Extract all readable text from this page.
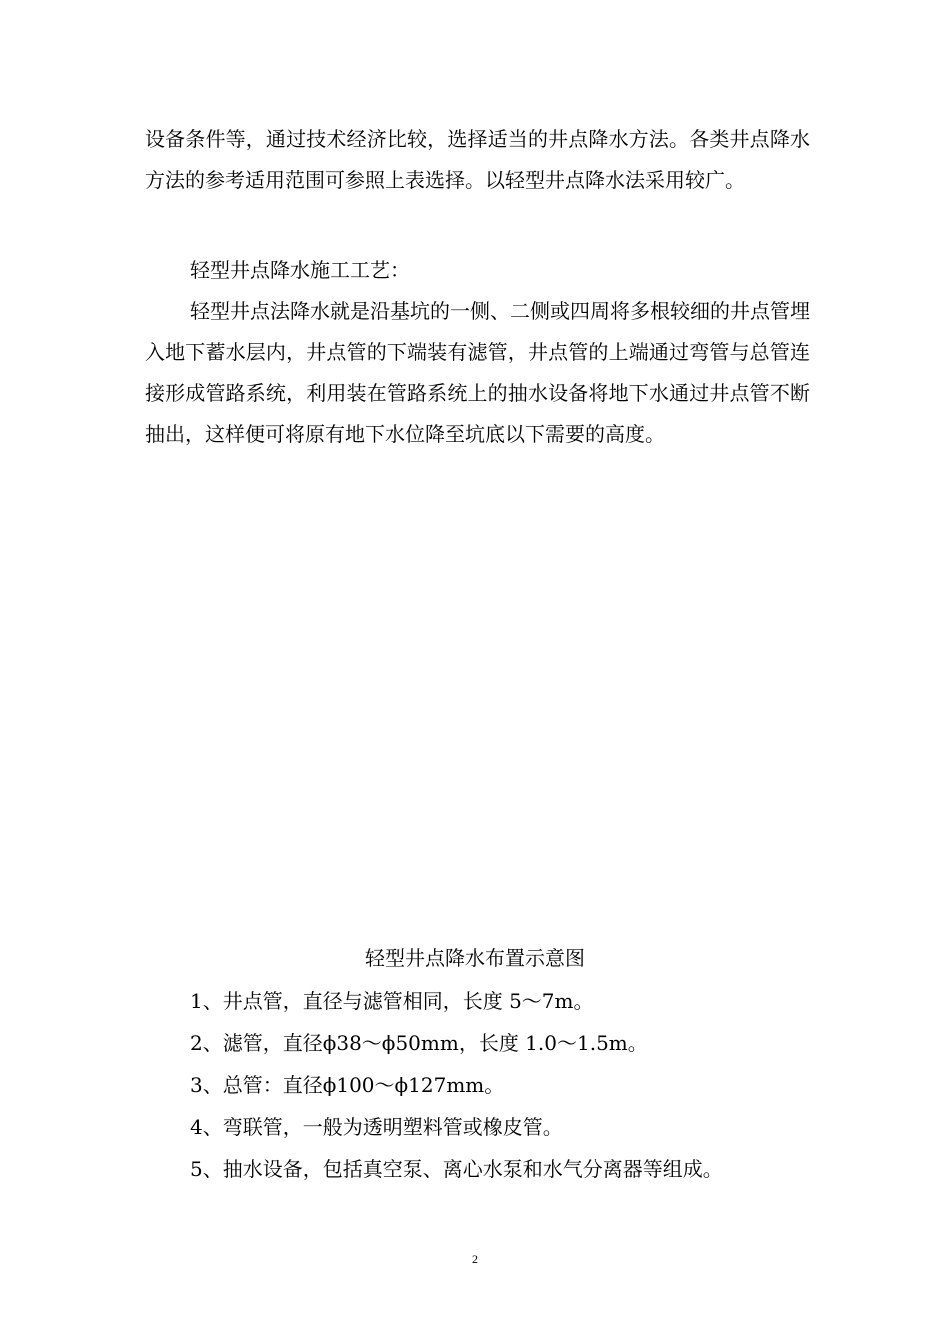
设备条件等，通过技术经济比较，选择适当的井点降水方法。各类井点降水方法的参考适用范围可参照上表选择。以轻型井点降水法采用较广。

轻型井点降水施工工艺：

轻型井点法降水就是沿基坑的一侧、二侧或四周将多根较细的井点管埋入地下蓄水层内，井点管的下端装有滤管，井点管的上端通过弯管与总管连接形成管路系统，利用装在管路系统上的抽水设备将地下水通过井点管不断抽出，这样便可将原有地下水位降至坑底以下需要的高度。

轻型井点降水布置示意图

1、井点管，直径与滤管相同，长度 5～7m。
2、滤管，直径ϕ38～ϕ50mm，长度 1.0～1.5m。
3、总管：直径ϕ100～ϕ127mm。
4、弯联管，一般为透明塑料管或橡皮管。
5、抽水设备，包括真空泵、离心水泵和水气分离器等组成。
2
